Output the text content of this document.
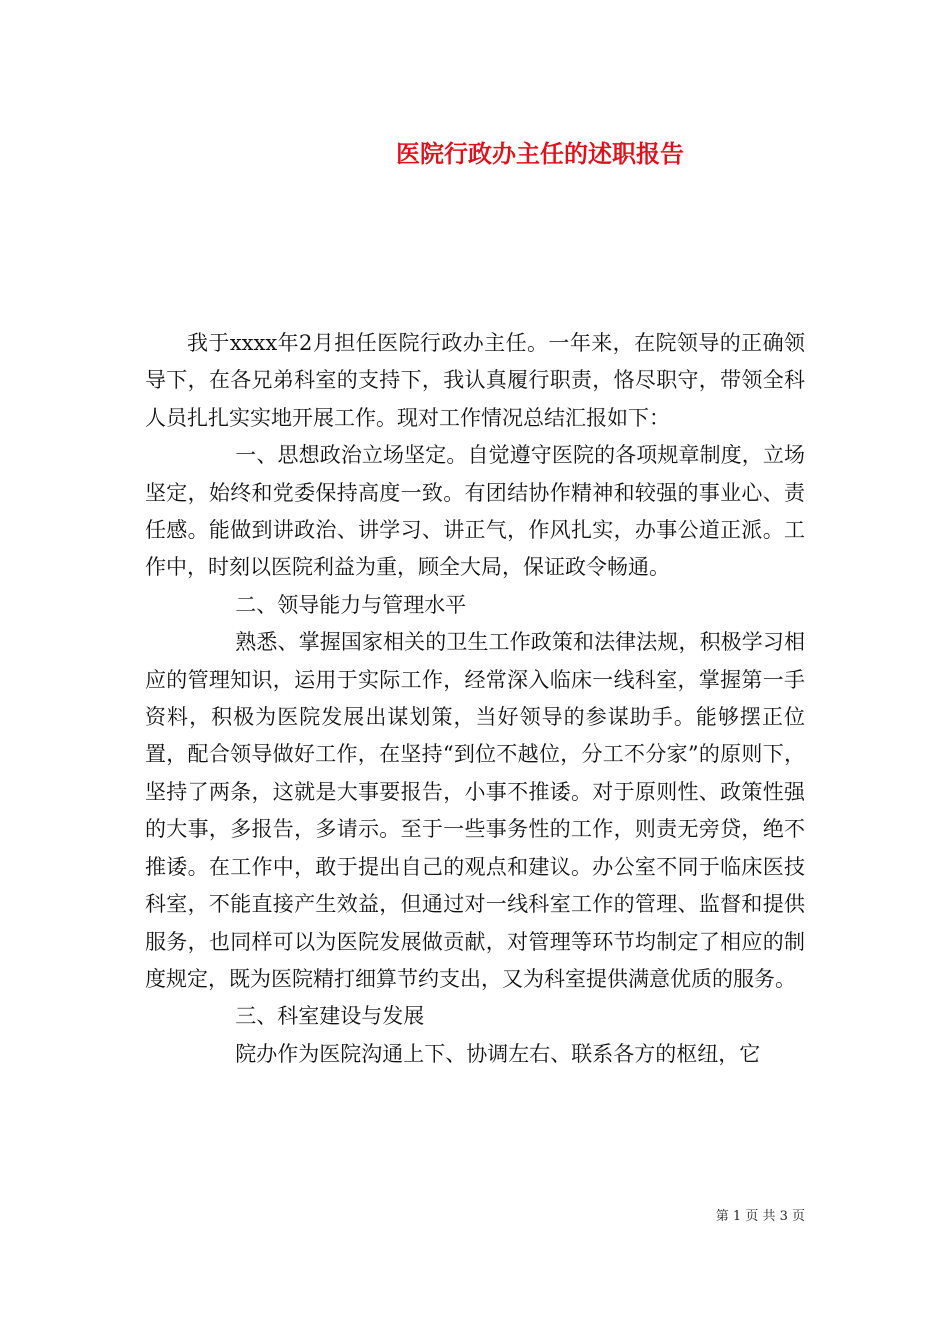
医院行政办主任的述职报告

我于xxxx年2月担任医院行政办主任。一年来，在院领导的正确领导下，在各兄弟科室的支持下，我认真履行职责，恪尽职守，带领全科人员扎扎实实地开展工作。现对工作情况总结汇报如下：

一、思想政治立场坚定。自觉遵守医院的各项规章制度，立场坚定，始终和党委保持高度一致。有团结协作精神和较强的事业心、责任感。能做到讲政治、讲学习、讲正气，作风扎实，办事公道正派。工作中，时刻以医院利益为重，顾全大局，保证政令畅通。

二、领导能力与管理水平

熟悉、掌握国家相关的卫生工作政策和法律法规，积极学习相应的管理知识，运用于实际工作，经常深入临床一线科室，掌握第一手资料，积极为医院发展出谋划策，当好领导的参谋助手。能够摆正位置，配合领导做好工作，在坚持“到位不越位，分工不分家”的原则下，坚持了两条，这就是大事要报告，小事不推诿。对于原则性、政策性强的大事，多报告，多请示。至于一些事务性的工作，则责无旁贷，绝不推诿。在工作中，敢于提出自己的观点和建议。办公室不同于临床医技科室，不能直接产生效益，但通过对一线科室工作的管理、监督和提供服务，也同样可以为医院发展做贡献，对管理等环节均制定了相应的制度规定，既为医院精打细算节约支出，又为科室提供满意优质的服务。

三、科室建设与发展

院办作为医院沟通上下、协调左右、联系各方的枢纽，它

第 1 页 共 3 页
